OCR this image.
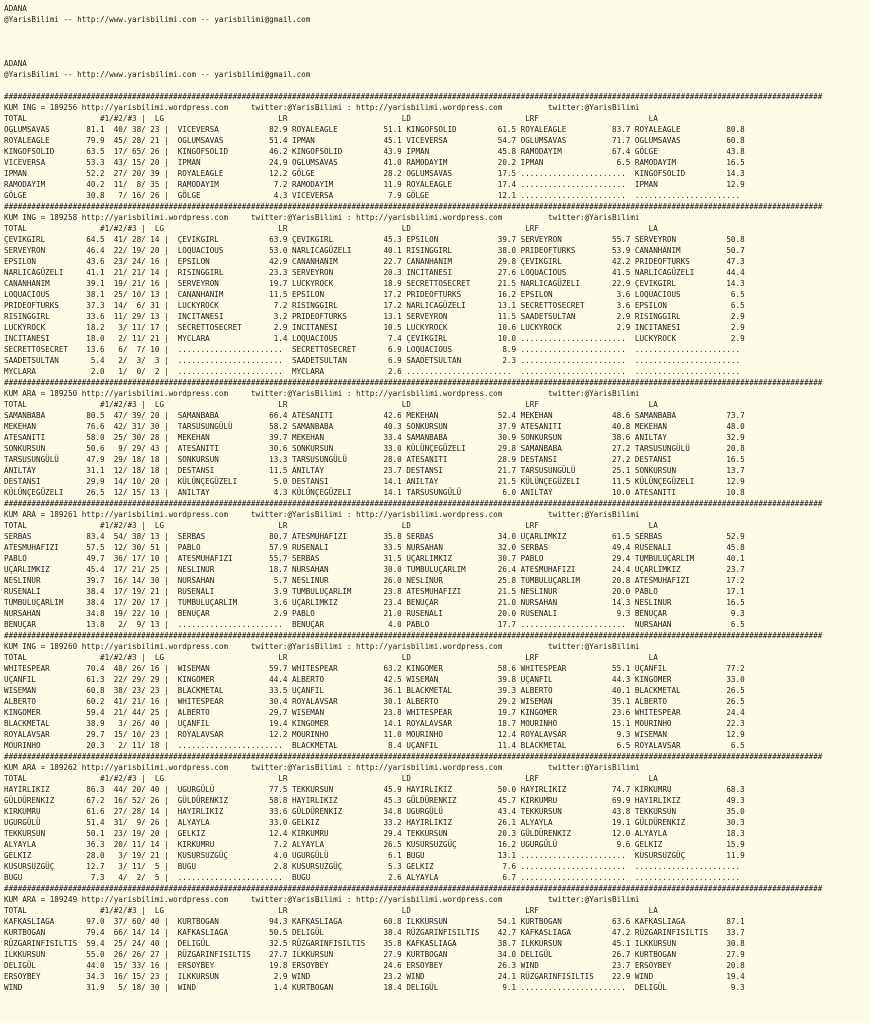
ADANA
@YarisBilimi -- http://www.yarisbilimi.com -- yarisbilimi@gmail.com

ADANA
@YarisBilimi -- http://www.yarisbilimi.com -- yarisbilimi@gmail.com

###################################################################################################################################################################################
KUM ING = 189256 http://yarisbilimi.wordpress.com     twitter:@YarisBilimi : http://yarisbilimi.wordpress.com          twitter:@YarisBilimi
TOTAL                #1/#2/#3 |  LG                         LR                         LD                         LRF                        LA
OGLUMSAVAS        81.1  40/ 38/ 23 |  VICEVERSA           82.9 ROYALEAGLE          51.1 KINGOFSOLID         61.5 ROYALEAGLE          83.7 ROYALEAGLE          80.8
ROYALEAGLE        79.9  45/ 28/ 21 |  OGLUMSAVAS          51.4 IPMAN               45.1 VICEVERSA           54.7 OGLUMSAVAS          71.7 OGLUMSAVAS          60.8
KINGOFSOLID       63.5  17/ 65/ 26 |  KINGOFSOLID         46.2 KINGOFSOLID         43.9 IPMAN               45.8 RAMODAYIM           67.4 GÖLGE               43.8
VICEVERSA         53.3  43/ 15/ 20 |  IPMAN               24.9 OGLUMSAVAS          41.0 RAMODAYIM           20.2 IPMAN                6.5 RAMODAYIM           16.5
IPMAN             52.2  27/ 20/ 39 |  ROYALEAGLE          12.2 GÖLGE               28.2 OGLUMSAVAS          17.5 .......................  KINGOFSOLID         14.3
RAMODAYIM         40.2  11/  8/ 35 |  RAMODAYIM            7.2 RAMODAYIM           11.9 ROYALEAGLE          17.4 .......................  IPMAN               12.9
GÖLGE             30.8   7/ 16/ 26 |  GÖLGE                4.3 VICEVERSA            7.9 GÖLGE               12.1 .......................  .......................
###################################################################################################################################################################################
KUM ING = 189258 http://yarisbilimi.wordpress.com     twitter:@YarisBilimi : http://yarisbilimi.wordpress.com          twitter:@YarisBilimi
TOTAL                #1/#2/#3 |  LG                         LR                         LD                         LRF                        LA
ÇEVIKGIRL         64.5  41/ 28/ 14 |  ÇEVIKGIRL           63.9 ÇEVIKGIRL           45.3 EPSILON             39.7 SERVEYRON           55.7 SERVEYRON           50.8
SERVEYRON         46.4  22/ 19/ 20 |  LOQUACIOUS          53.0 NARLICAGÜZELI       40.1 RISINGGIRL          38.0 PRIDEOFTURKS        53.9 CANANHANIM          50.7
EPSILON           43.6  23/ 24/ 16 |  EPSILON             42.9 CANANHANIM          22.7 CANANHANIM          29.8 ÇEVIKGIRL           42.2 PRIDEOFTURKS        47.3
NARLICAGÜZELI     41.1  21/ 21/ 14 |  RISINGGIRL          23.3 SERVEYRON           20.3 INCITANESI          27.6 LOQUACIOUS          41.5 NARLICAGÜZELI       44.4
CANANHANIM        39.1  19/ 21/ 16 |  SERVEYRON           19.7 LUCKYROCK           18.9 SECRETTOSECRET      21.5 NARLICAGÜZELI       22.9 ÇEVIKGIRL           14.3
LOQUACIOUS        38.1  25/ 10/ 13 |  CANANHANIM          11.5 EPSILON             17.2 PRIDEOFTURKS        16.2 EPSILON              3.6 LOQUACIOUS           6.5
PRIDEOFTURKS      37.3  14/  6/ 31 |  LUCKYROCK            7.2 RISINGGIRL          17.2 NARLICAGÜZELI       13.1 SECRETTOSECRET       3.6 EPSILON              6.5
RISINGGIRL        33.6  11/ 29/ 13 |  INCITANESI           3.2 PRIDEOFTURKS        13.1 SERVEYRON           11.5 SAADETSULTAN         2.9 RISINGGIRL           2.9
LUCKYROCK         18.2   3/ 11/ 17 |  SECRETTOSECRET       2.9 INCITANESI          10.5 LUCKYROCK           10.6 LUCKYROCK            2.9 INCITANESI           2.9
INCITANESI        18.0   2/ 11/ 21 |  MYCLARA              1.4 LOQUACIOUS           7.4 ÇEVIKGIRL           10.0 .......................  LUCKYROCK            2.9
SECRETTOSECRET    13.6   6/  7/ 10 |  .......................  SECRETTOSECRET       6.9 LOQUACIOUS           8.9 .......................  .......................
SAADETSULTAN       5.4   2/  3/  3 |  .......................  SAADETSULTAN         6.9 SAADETSULTAN         2.3 .......................  .......................
MYCLARA            2.0   1/  0/  2 |  .......................  MYCLARA              2.6 .......................  .......................  .......................
###################################################################################################################################################################################
KUM ARA = 189250 http://yarisbilimi.wordpress.com     twitter:@YarisBilimi : http://yarisbilimi.wordpress.com          twitter:@YarisBilimi
TOTAL                #1/#2/#3 |  LG                         LR                         LD                         LRF                        LA
SAMANBABA         80.5  47/ 39/ 20 |  SAMANBABA           66.4 ATESANITI           42.6 MEKEHAN             52.4 MEKEHAN             48.6 SAMANBABA           73.7
MEKEHAN           76.6  42/ 31/ 30 |  TARSUSUNGÜLÜ        58.2 SAMANBABA           40.3 SONKURSUN           37.9 ATESANITI           40.8 MEKEHAN             48.0
ATESANITI         58.0  25/ 30/ 28 |  MEKEHAN             39.7 MEKEHAN             33.4 SAMANBABA           30.9 SONKURSUN           38.6 ANILTAY             32.9
SONKURSUN         50.6   9/ 29/ 43 |  ATESANITI           30.6 SONKURSUN           33.0 KÜLÜNÇEGÜZELI       29.8 SAMANBABA           27.2 TARSUSUNGÜLÜ        20.8
TARSUSUNGÜLÜ      47.9  29/ 18/ 18 |  SONKURSUN           13.3 TARSUSUNGÜLÜ        28.0 ATESANITI           28.9 DESTANSI            27.2 DESTANSI            16.5
ANILTAY           31.1  12/ 18/ 18 |  DESTANSI            11.5 ANILTAY             23.7 DESTANSI            21.7 TARSUSUNGÜLÜ        25.1 SONKURSUN           13.7
DESTANSI          29.9  14/ 10/ 20 |  KÜLÜNÇEGÜZELI        5.0 DESTANSI            14.1 ANILTAY             21.5 KÜLÜNÇEGÜZELI       11.5 KÜLÜNÇEGÜZELI       12.9
KÜLÜNÇEGÜZELI     26.5  12/ 15/ 13 |  ANILTAY              4.3 KÜLÜNÇEGÜZELI       14.1 TARSUSUNGÜLÜ         6.0 ANILTAY             10.0 ATESANITI           10.8
###################################################################################################################################################################################
KUM ARA = 189261 http://yarisbilimi.wordpress.com     twitter:@YarisBilimi : http://yarisbilimi.wordpress.com          twitter:@YarisBilimi
TOTAL                #1/#2/#3 |  LG                         LR                         LD                         LRF                        LA
SERBAS            83.4  54/ 38/ 13 |  SERBAS              80.7 ATESMUHAFIZI        35.8 SERBAS              34.0 UÇARLIMKIZ          61.5 SERBAS              52.9
ATESMUHAFIZI      57.5  12/ 30/ 51 |  PABLO               57.9 RUSENALI            33.5 NURSAHAN            32.0 SERBAS              49.4 RUSENALI            45.8
PABLO             49.7  36/ 17/ 10 |  ATESMUHAFIZI        55.7 SERBAS              31.5 UÇARLIMKIZ          30.7 PABLO               29.4 TUMBULUÇARLIM       40.1
UÇARLIMKIZ        45.4  17/ 21/ 25 |  NESLINUR            18.7 NURSAHAN            30.0 TUMBULUÇARLIM       26.4 ATESMUHAFIZI        24.4 UÇARLIMKIZ          23.7
NESLINUR          39.7  16/ 14/ 30 |  NURSAHAN             5.7 NESLINUR            26.0 NESLINUR            25.8 TUMBULUÇARLIM       20.8 ATESMUHAFIZI        17.2
RUSENALI          38.4  17/ 19/ 21 |  RUSENALI             3.9 TUMBULUÇARLIM       23.8 ATESMUHAFIZI        21.5 NESLINUR            20.0 PABLO               17.1
TUMBULUÇARLIM     38.4  17/ 20/ 17 |  TUMBULUÇARLIM        3.6 UÇARLIMKIZ          23.4 BENUÇAR             21.0 NURSAHAN            14.3 NESLINUR            16.5
NURSAHAN          34.8  19/ 22/ 10 |  BENUÇAR              2.9 PABLO               21.0 RUSENALI            20.0 RUSENALI             9.3 BENUÇAR              9.3
BENUÇAR           13.8   2/  9/ 13 |  .......................  BENUÇAR              4.0 PABLO               17.7 .......................  NURSAHAN             6.5
###################################################################################################################################################################################
KUM ING = 189260 http://yarisbilimi.wordpress.com     twitter:@YarisBilimi : http://yarisbilimi.wordpress.com          twitter:@YarisBilimi
TOTAL                #1/#2/#3 |  LG                         LR                         LD                         LRF                        LA
WHITESPEAR        70.4  48/ 26/ 16 |  WISEMAN             59.7 WHITESPEAR          63.2 KINGOMER            58.6 WHITESPEAR          55.1 UÇANFIL             77.2
UÇANFIL           61.3  22/ 29/ 29 |  KINGOMER            44.4 ALBERTO             42.5 WISEMAN             39.8 UÇANFIL             44.3 KINGOMER            33.0
WISEMAN           60.8  38/ 23/ 23 |  BLACKMETAL          33.5 UÇANFIL             36.1 BLACKMETAL          39.3 ALBERTO             40.1 BLACKMETAL          26.5
ALBERTO           60.2  41/ 21/ 16 |  WHITESPEAR          30.4 ROYALAVSAR          30.1 ALBERTO             29.2 WISEMAN             35.1 ALBERTO             26.5
KINGOMER          59.4  21/ 44/ 25 |  ALBERTO             29.7 WISEMAN             23.8 WHITESPEAR          19.7 KINGOMER            23.6 WHITESPEAR          24.4
BLACKMETAL        38.9   3/ 26/ 40 |  UÇANFIL             19.4 KINGOMER            14.1 ROYALAVSAR          18.7 MOURINHO            15.1 MOURINHO            22.3
ROYALAVSAR        29.7  15/ 10/ 23 |  ROYALAVSAR          12.2 MOURINHO            11.0 MOURINHO            12.4 ROYALAVSAR           9.3 WISEMAN             12.9
MOURINHO          20.3   2/ 11/ 18 |  .......................  BLACKMETAL           8.4 UÇANFIL             11.4 BLACKMETAL           6.5 ROYALAVSAR           6.5
###################################################################################################################################################################################
KUM ARA = 189262 http://yarisbilimi.wordpress.com     twitter:@YarisBilimi : http://yarisbilimi.wordpress.com          twitter:@YarisBilimi
TOTAL                #1/#2/#3 |  LG                         LR                         LD                         LRF                        LA
HAYIRLIKIZ        86.3  44/ 20/ 40 |  UGURGÜLÜ            77.5 TEKKURSUN           45.9 HAYIRLIKIZ          50.0 HAYIRLIKIZ          74.7 KIRKUMRU            68.3
GÜLDÜRENKIZ       67.2  16/ 52/ 26 |  GÜLDÜRENKIZ         58.8 HAYIRLIKIZ          45.3 GÜLDÜRENKIZ         45.7 KIRKUMRU            69.9 HAYIRLIKIZ          49.3
KIRKUMRU          61.6  27/ 28/ 14 |  HAYIRLIKIZ          33.6 GÜLDÜRENKIZ         34.8 UGURGÜLÜ            43.4 TEKKURSUN           43.8 TEKKURSUN           35.0
UGURGÜLÜ          51.4  31/  9/ 26 |  ALYAYLA             33.0 GELKIZ              33.2 HAYIRLIKIZ          26.1 ALYAYLA             19.1 GÜLDÜRENKIZ         30.3
TEKKURSUN         50.1  23/ 19/ 20 |  GELKIZ              12.4 KIRKUMRU            29.4 TEKKURSUN           20.3 GÜLDÜRENKIZ         12.0 ALYAYLA             18.3
ALYAYLA           36.3  20/ 11/ 14 |  KIRKUMRU             7.2 ALYAYLA             26.5 KUSURSUZGÜÇ         16.2 UGURGÜLÜ             9.6 GELKIZ              15.9
GELKIZ            28.0   3/ 19/ 21 |  KUSURSUZGÜÇ          4.0 UGURGÜLÜ             6.1 BUGU                13.1 .......................  KUSURSUZGÜÇ         11.9
KUSURSUZGÜÇ       12.7   3/ 11/  5 |  BUGU                 2.8 KUSURSUZGÜÇ          5.3 GELKIZ               7.6 .......................  .......................
BUGU               7.3   4/  2/  5 |  .......................  BUGU                 2.6 ALYAYLA              6.7 .......................  .......................
###################################################################################################################################################################################
KUM ARA = 189249 http://yarisbilimi.wordpress.com     twitter:@YarisBilimi : http://yarisbilimi.wordpress.com          twitter:@YarisBilimi
TOTAL                #1/#2/#3 |  LG                         LR                         LD                         LRF                        LA
KAFKASLIAGA       97.0  37/ 60/ 40 |  KURTBOGAN           94.3 KAFKASLIAGA         60.8 ILKKURSUN           54.1 KURTBOGAN           63.6 KAFKASLIAGA         87.1
KURTBOGAN         79.4  66/ 14/ 14 |  KAFKASLIAGA         50.5 DELIGÜL             38.4 RÜZGARINFISILTIS    42.7 KAFKASLIAGA         47.2 RÜZGARINFISILTIS    33.7
RÜZGARINFISILTIS  59.4  25/ 24/ 40 |  DELIGÜL             32.5 RÜZGARINFISILTIS    35.8 KAFKASLIAGA         38.7 ILKKURSUN           45.1 ILKKURSUN           30.8
ILKKURSUN         55.0  26/ 26/ 27 |  RÜZGARINFISILTIS    27.7 ILKKURSUN           27.9 KURTBOGAN           34.0 DELIGÜL             26.7 KURTBOGAN           27.9
DELIGÜL           44.0  15/ 33/ 16 |  ERSOYBEY            19.8 ERSOYBEY            24.6 ERSOYBEY            26.3 WIND                23.7 ERSOYBEY            20.8
ERSOYBEY          34.3  16/ 15/ 23 |  ILKKURSUN            2.9 WIND                23.2 WIND                24.1 RÜZGARINFISILTIS    22.9 WIND                19.4
WIND              31.9   5/ 18/ 30 |  WIND                 1.4 KURTBOGAN           18.4 DELIGÜL              9.1 .......................  DELIGÜL              9.3
